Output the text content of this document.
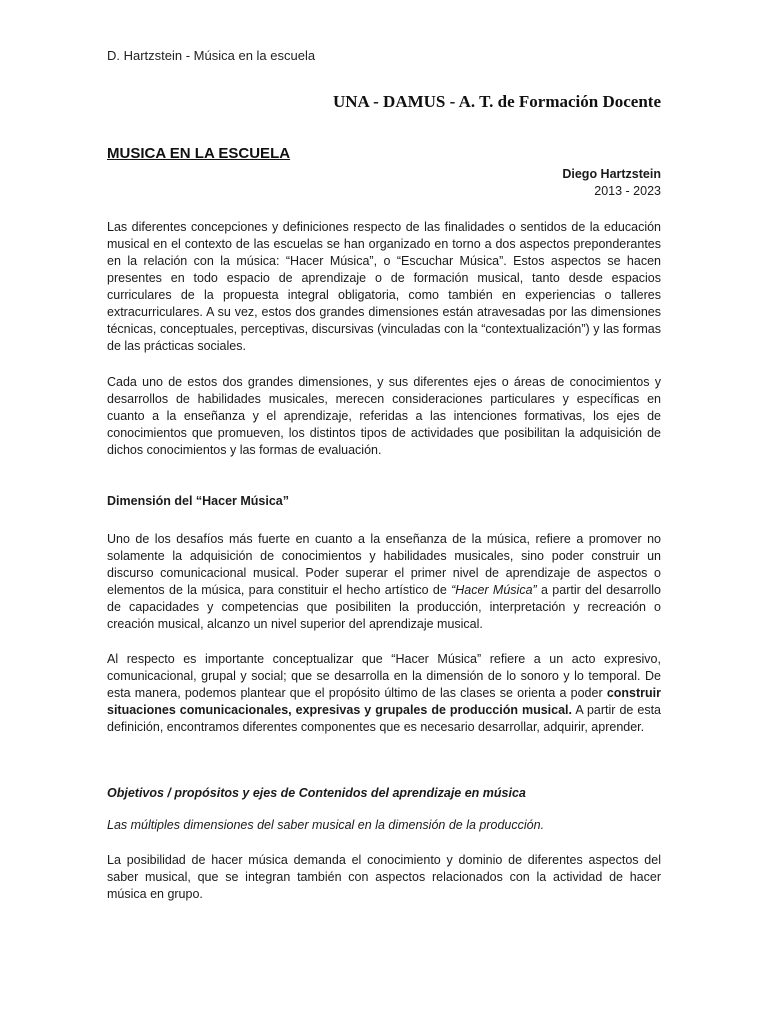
D. Hartzstein - Música en la escuela
UNA - DAMUS - A. T. de Formación Docente
MUSICA EN LA ESCUELA
Diego Hartzstein
2013 - 2023

Las diferentes concepciones y definiciones respecto de las finalidades o sentidos de la educación musical en el contexto de las escuelas se han organizado en torno a dos aspectos preponderantes en la relación con la música: “Hacer Música”, o “Escuchar Música”. Estos aspectos se hacen presentes en todo espacio de aprendizaje o de formación musical, tanto desde espacios curriculares de la propuesta integral obligatoria, como también en experiencias o talleres extracurriculares. A su vez, estos dos grandes dimensiones están atravesadas por las dimensiones técnicas, conceptuales, perceptivas, discursivas (vinculadas con la “contextualización”) y las formas de las prácticas sociales.

Cada uno de estos dos grandes dimensiones, y sus diferentes ejes o áreas de conocimientos y desarrollos de habilidades musicales, merecen consideraciones particulares y específicas en cuanto a la enseñanza y el aprendizaje, referidas a las intenciones formativas, los ejes de conocimientos que promueven, los distintos tipos de actividades que posibilitan la adquisición de dichos conocimientos y las formas de evaluación.

Dimensión del “Hacer Música”

Uno de los desafíos más fuerte en cuanto a la enseñanza de la música, refiere a promover no solamente la adquisición de conocimientos y habilidades musicales, sino poder construir un discurso comunicacional musical. Poder superar el primer nivel de aprendizaje de aspectos o elementos de la música, para constituir el hecho artístico de “Hacer Música” a partir del desarrollo de capacidades y competencias que posibiliten la producción, interpretación y recreación o creación musical, alcanzo un nivel superior del aprendizaje musical.

Al respecto es importante conceptualizar que “Hacer Música” refiere a un acto expresivo, comunicacional, grupal y social; que se desarrolla en la dimensión de lo sonoro y lo temporal. De esta manera, podemos plantear que el propósito último de las clases se orienta a poder construir situaciones comunicacionales, expresivas y grupales de producción musical. A partir de esta definición, encontramos diferentes componentes que es necesario desarrollar, adquirir, aprender.

Objetivos / propósitos y ejes de Contenidos del aprendizaje en música
Las múltiples dimensiones del saber musical en la dimensión de la producción.

La posibilidad de hacer música demanda el conocimiento y dominio de diferentes aspectos del saber musical, que se integran también con aspectos relacionados con la actividad de hacer música en grupo.
